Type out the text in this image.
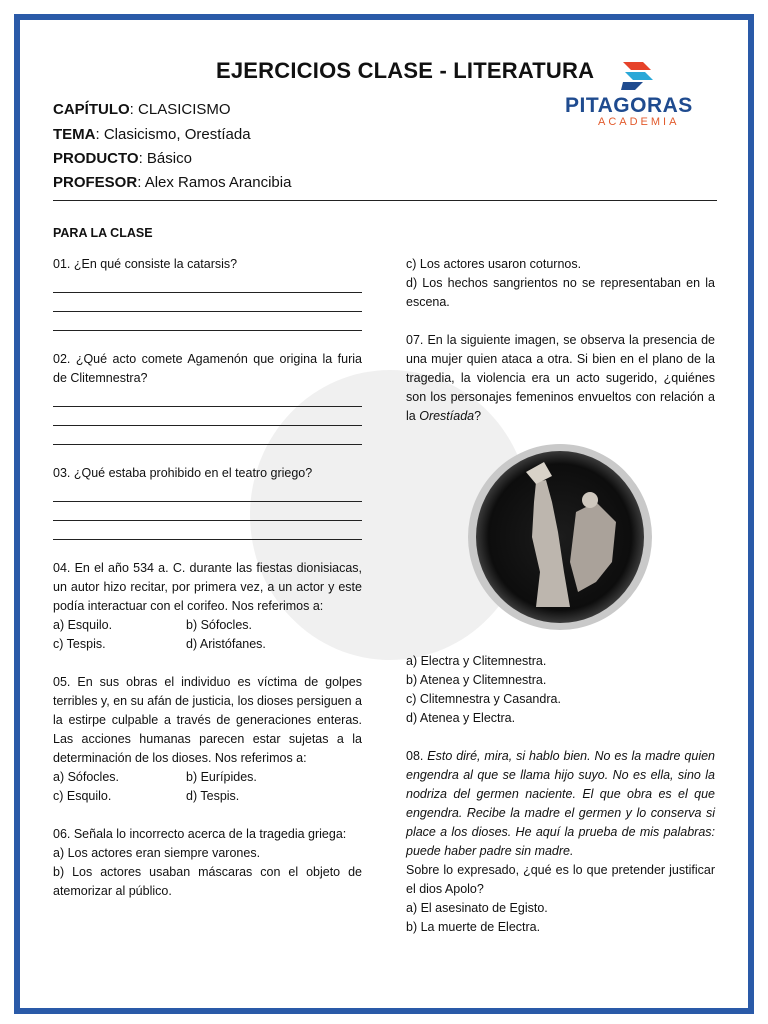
EJERCICIOS CLASE - LITERATURA
CAPÍTULO: CLASICISMO
TEMA: Clasicismo, Orestíada
PRODUCTO: Básico
PROFESOR: Alex Ramos Arancibia
PITAGORAS
ACADEMIA

PARA LA CLASE

01. ¿En qué consiste la catarsis?

02. ¿Qué acto comete Agamenón que origina la furia de Clitemnestra?

03. ¿Qué estaba prohibido en el teatro griego?

04. En el año 534 a. C. durante las fiestas dionisiacas, un autor hizo recitar, por primera vez, a un actor y este podía interactuar con el corifeo. Nos referimos a:

a) Esquilo.	b) Sófocles.
c) Tespis.	d) Aristófanes.

05. En sus obras el individuo es víctima de golpes terribles y, en su afán de justicia, los dioses persiguen a la estirpe culpable a través de generaciones enteras. Las acciones humanas parecen estar sujetas a la determinación de los dioses. Nos referimos a:

a) Sófocles.	b) Eurípides.
c) Esquilo.	d) Tespis.

06. Señala lo incorrecto acerca de la tragedia griega:

a) Los actores eran siempre varones.

b) Los actores usaban máscaras con el objeto de atemorizar al público.

c) Los actores usaron coturnos.

d) Los hechos sangrientos no se representaban en la escena.

07. En la siguiente imagen, se observa la presencia de una mujer quien ataca a otra. Si bien en el plano de la tragedia, la violencia era un acto sugerido, ¿quiénes son los personajes femeninos envueltos con relación a la Orestíada?

a) Electra y Clitemnestra.

b) Atenea y Clitemnestra.

c) Clitemnestra y Casandra.

d) Atenea y Electra.

08. Esto diré, mira, si hablo bien. No es la madre quien engendra al que se llama hijo suyo. No es ella, sino la nodriza del germen naciente. El que obra es el que engendra. Recibe la madre el germen y lo conserva si place a los dioses. He aquí la prueba de mis palabras: puede haber padre sin madre.

Sobre lo expresado, ¿qué es lo que pretender justificar el dios Apolo?

a) El asesinato de Egisto.

b) La muerte de Electra.
